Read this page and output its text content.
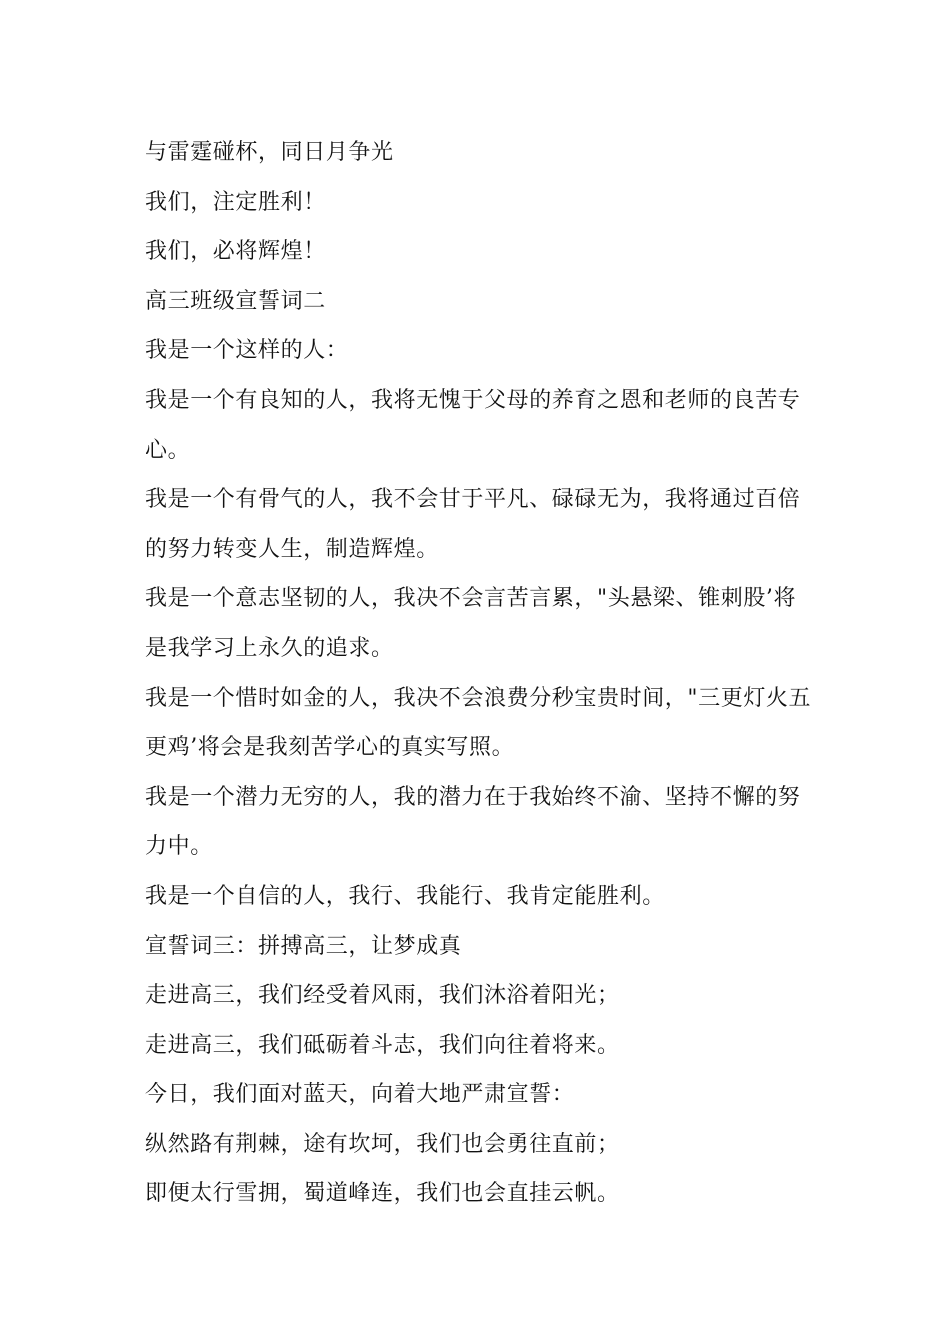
与雷霆碰杯，同日月争光

我们，注定胜利！

我们，必将辉煌！

高三班级宣誓词二

我是一个这样的人：

我是一个有良知的人，我将无愧于父母的养育之恩和老师的良苦专心。

我是一个有骨气的人，我不会甘于平凡、碌碌无为，我将通过百倍的努力转变人生，制造辉煌。

我是一个意志坚韧的人，我决不会言苦言累，"头悬梁、锥刺股’将是我学习上永久的追求。

我是一个惜时如金的人，我决不会浪费分秒宝贵时间，"三更灯火五更鸡’将会是我刻苦学心的真实写照。

我是一个潜力无穷的人，我的潜力在于我始终不渝、坚持不懈的努力中。

我是一个自信的人，我行、我能行、我肯定能胜利。

宣誓词三：拼搏高三，让梦成真

走进高三，我们经受着风雨，我们沐浴着阳光；

走进高三，我们砥砺着斗志，我们向往着将来。

今日，我们面对蓝天，向着大地严肃宣誓：

纵然路有荆棘，途有坎坷，我们也会勇往直前；

即便太行雪拥，蜀道峰连，我们也会直挂云帆。
